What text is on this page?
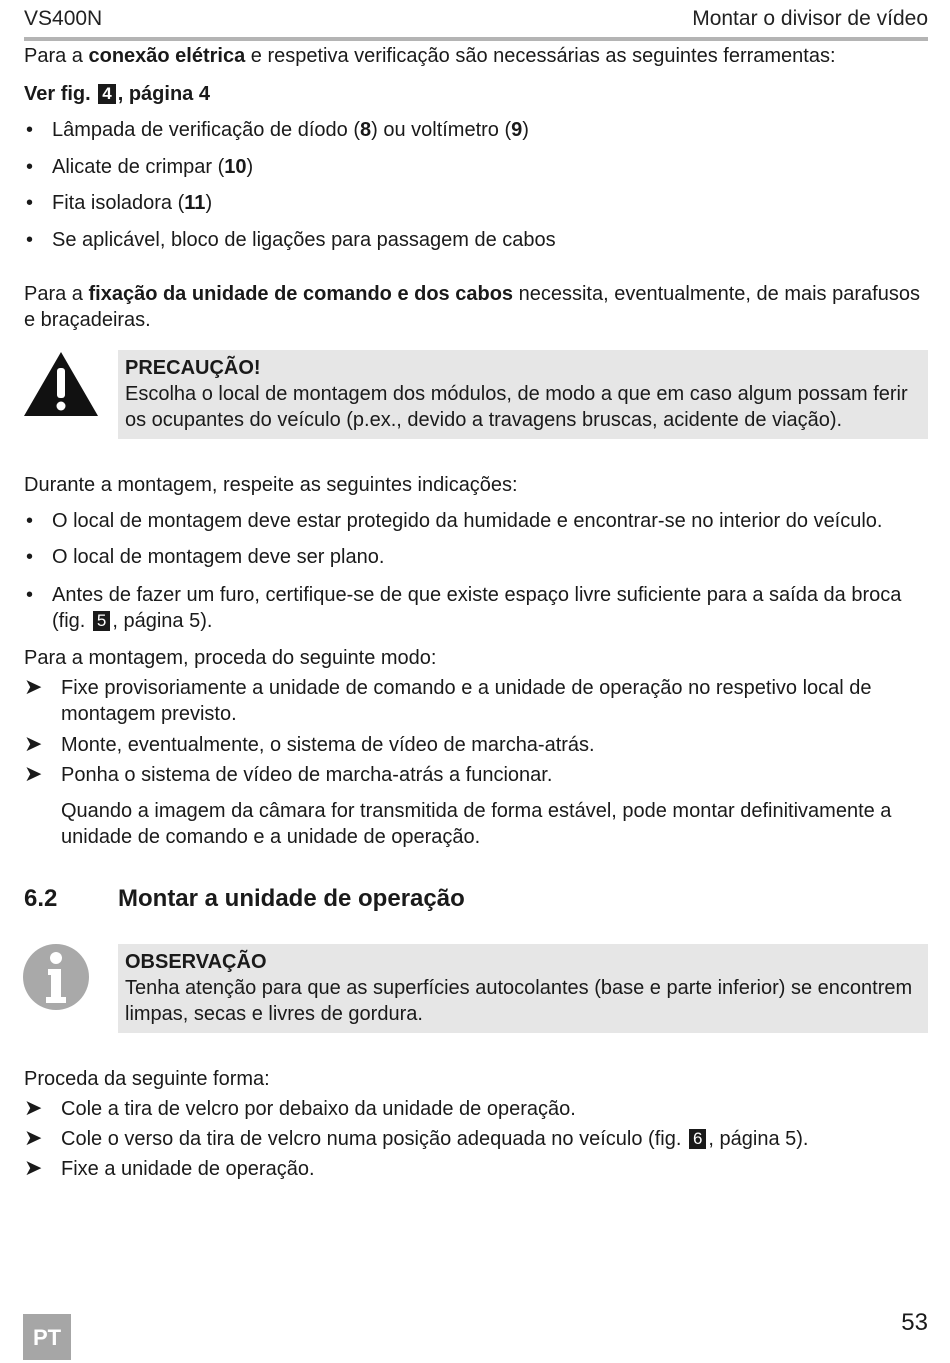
VS400N	Montar o divisor de vídeo
Para a conexão elétrica e respetiva verificação são necessárias as seguintes ferramentas:
Ver fig. 4 , página 4
• Lâmpada de verificação de díodo (8) ou voltímetro (9)
• Alicate de crimpar (10)
• Fita isoladora (11)
• Se aplicável, bloco de ligações para passagem de cabos
Para a fixação da unidade de comando e dos cabos necessita, eventualmente, de mais parafusos e braçadeiras.
PRECAUÇÃO!
Escolha o local de montagem dos módulos, de modo a que em caso algum possam ferir os ocupantes do veículo (p.ex., devido a travagens bruscas, acidente de viação).
Durante a montagem, respeite as seguintes indicações:
• O local de montagem deve estar protegido da humidade e encontrar-se no interior do veículo.
• O local de montagem deve ser plano.
• Antes de fazer um furo, certifique-se de que existe espaço livre suficiente para a saída da broca (fig. 5 , página 5).
Para a montagem, proceda do seguinte modo:
➤ Fixe provisoriamente a unidade de comando e a unidade de operação no respetivo local de montagem previsto.
➤ Monte, eventualmente, o sistema de vídeo de marcha-atrás.
➤ Ponha o sistema de vídeo de marcha-atrás a funcionar.
Quando a imagem da câmara for transmitida de forma estável, pode montar definitivamente a unidade de comando e a unidade de operação.
6.2	Montar a unidade de operação
OBSERVAÇÃO
Tenha atenção para que as superfícies autocolantes (base e parte inferior) se encontrem limpas, secas e livres de gordura.
Proceda da seguinte forma:
➤ Cole a tira de velcro por debaixo da unidade de operação.
➤ Cole o verso da tira de velcro numa posição adequada no veículo (fig. 6 , página 5).
➤ Fixe a unidade de operação.
PT
53
